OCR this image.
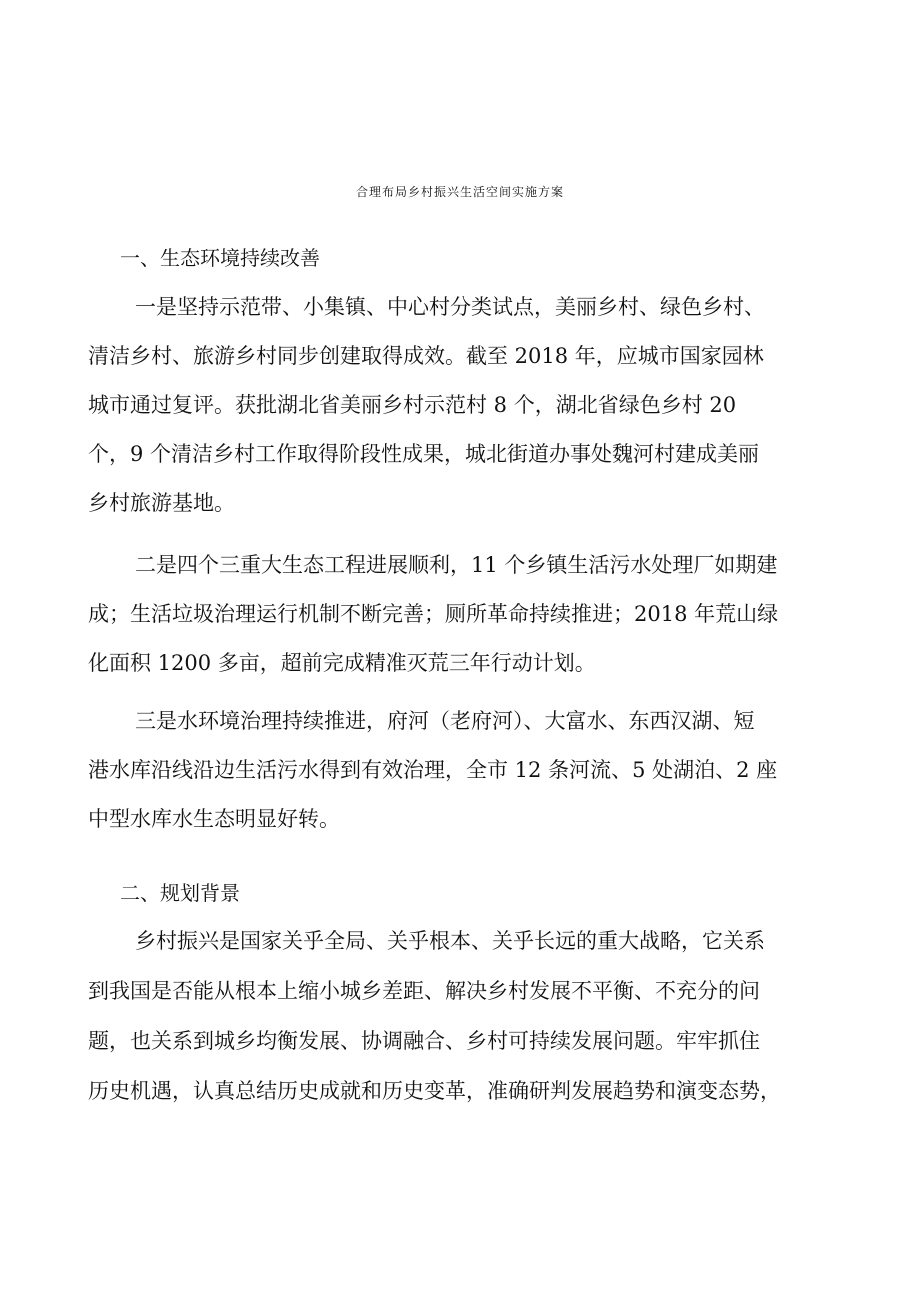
合理布局乡村振兴生活空间实施方案
一、生态环境持续改善
一是坚持示范带、小集镇、中心村分类试点，美丽乡村、绿色乡村、
清洁乡村、旅游乡村同步创建取得成效。截至 2018 年，应城市国家园林
城市通过复评。获批湖北省美丽乡村示范村 8 个，湖北省绿色乡村 20
个，9 个清洁乡村工作取得阶段性成果，城北街道办事处魏河村建成美丽
乡村旅游基地。
二是四个三重大生态工程进展顺利，11 个乡镇生活污水处理厂如期建
成；生活垃圾治理运行机制不断完善；厕所革命持续推进；2018 年荒山绿
化面积 1200 多亩，超前完成精准灭荒三年行动计划。
三是水环境治理持续推进，府河（老府河）、大富水、东西汉湖、短
港水库沿线沿边生活污水得到有效治理，全市 12 条河流、5 处湖泊、2 座
中型水库水生态明显好转。
二、规划背景
乡村振兴是国家关乎全局、关乎根本、关乎长远的重大战略，它关系
到我国是否能从根本上缩小城乡差距、解决乡村发展不平衡、不充分的问
题，也关系到城乡均衡发展、协调融合、乡村可持续发展问题。牢牢抓住
历史机遇，认真总结历史成就和历史变革，准确研判发展趋势和演变态势，
